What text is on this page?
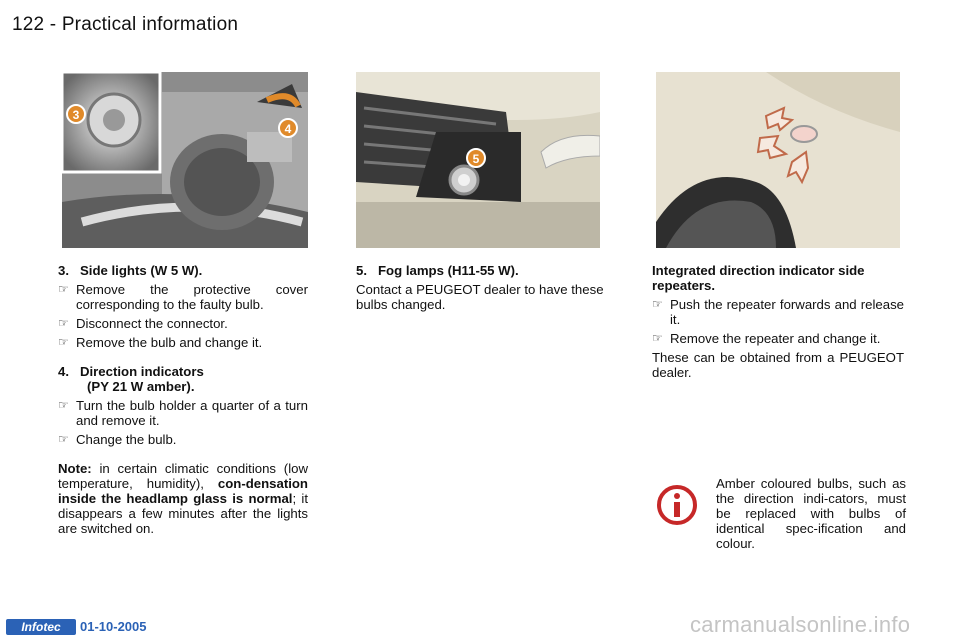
122 - Practical information
3
4
5
3.   Side lights (W 5 W).
☞ Remove the protective cover corresponding to the faulty bulb.
☞ Disconnect the connector.
☞ Remove the bulb and change it.
4.   Direction indicators
(PY 21 W amber).
☞ Turn the bulb holder a quarter of a turn and remove it.
☞ Change the bulb.
Note: in certain climatic conditions (low temperature, humidity), con-densation inside the headlamp glass is normal; it disappears a few minutes after the lights are switched on.
5.   Fog lamps (H11-55 W).
Contact a PEUGEOT dealer to have these bulbs changed.
Integrated direction indicator side repeaters.
☞ Push the repeater forwards and release it.
☞ Remove the repeater and change it.
These can be obtained from a PEUGEOT dealer.
Amber coloured bulbs, such as the direction indi-cators, must be replaced with bulbs of identical spec-ification and colour.
Infotec	01-10-2005	carmanualsonline.info
